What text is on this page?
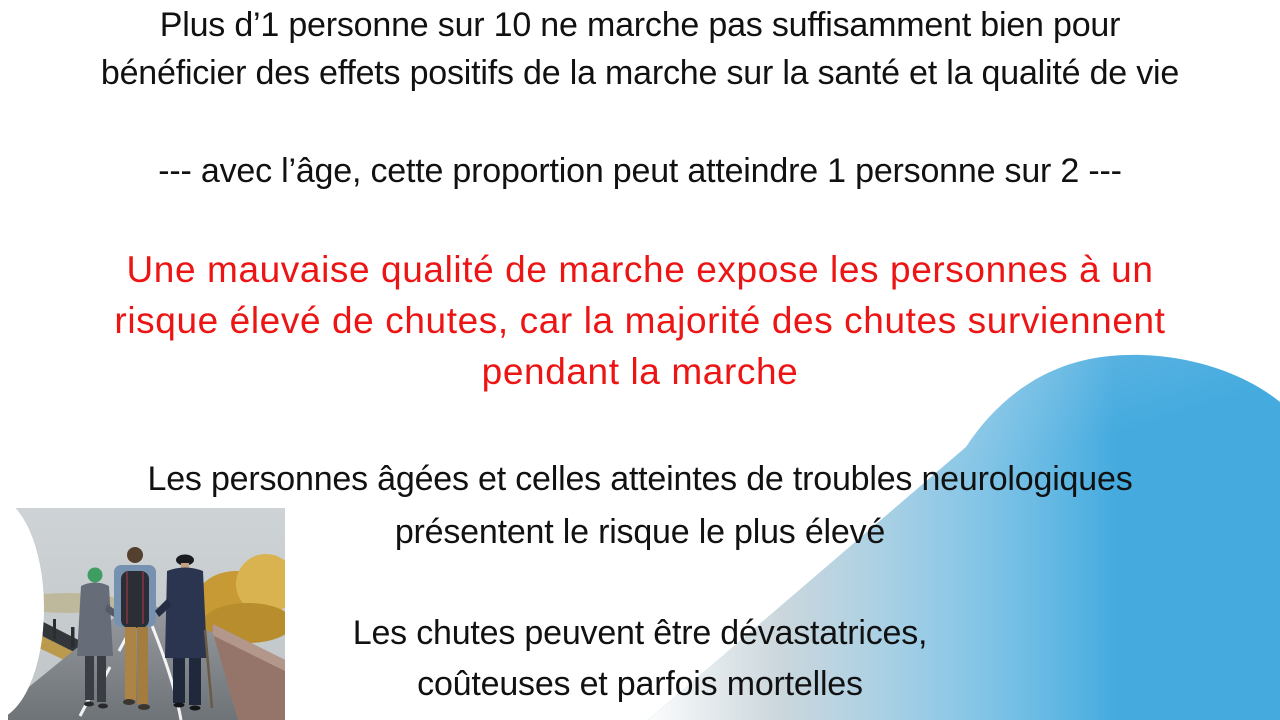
Plus d’1 personne sur 10 ne marche pas suffisamment bien pour
bénéficier des effets positifs de la marche sur la santé et la qualité de vie
--- avec l’âge, cette proportion peut atteindre 1 personne sur 2 ---
Une mauvaise qualité de marche expose les personnes à un
risque élevé de chutes, car la majorité des chutes surviennent
pendant la marche
Les personnes âgées et celles atteintes de troubles neurologiques
présentent le risque le plus élevé
Les chutes peuvent être dévastatrices,
coûteuses et parfois mortelles
